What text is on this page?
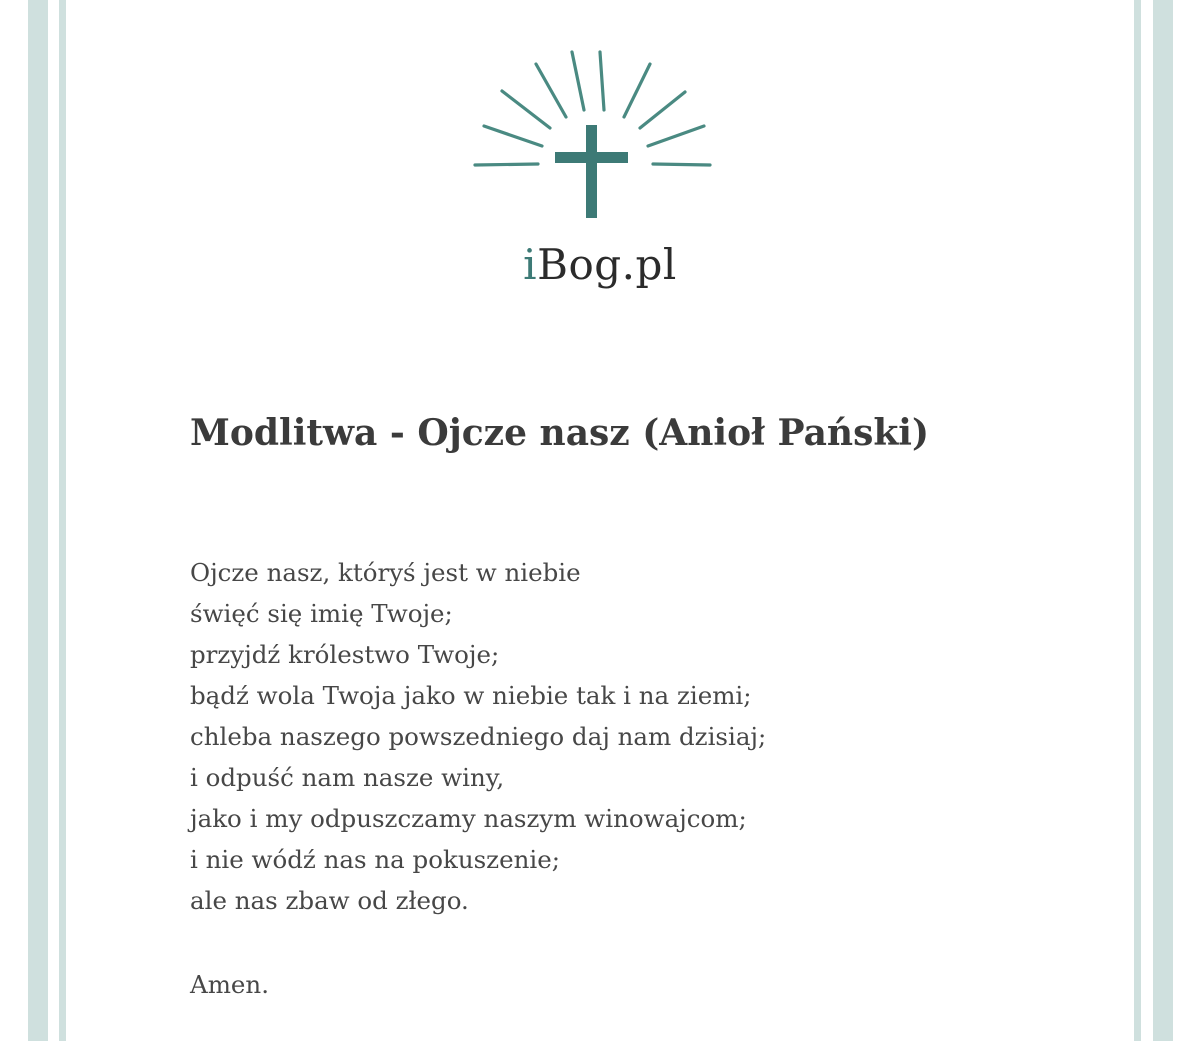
iBog.pl
Modlitwa - Ojcze nasz (Anioł Pański)
Ojcze nasz, któryś jest w niebie
święć się imię Twoje;
przyjdź królestwo Twoje;
bądź wola Twoja jako w niebie tak i na ziemi;
chleba naszego powszedniego daj nam dzisiaj;
i odpuść nam nasze winy,
jako i my odpuszczamy naszym winowajcom;
i nie wódź nas na pokuszenie;
ale nas zbaw od złego.
Amen.
